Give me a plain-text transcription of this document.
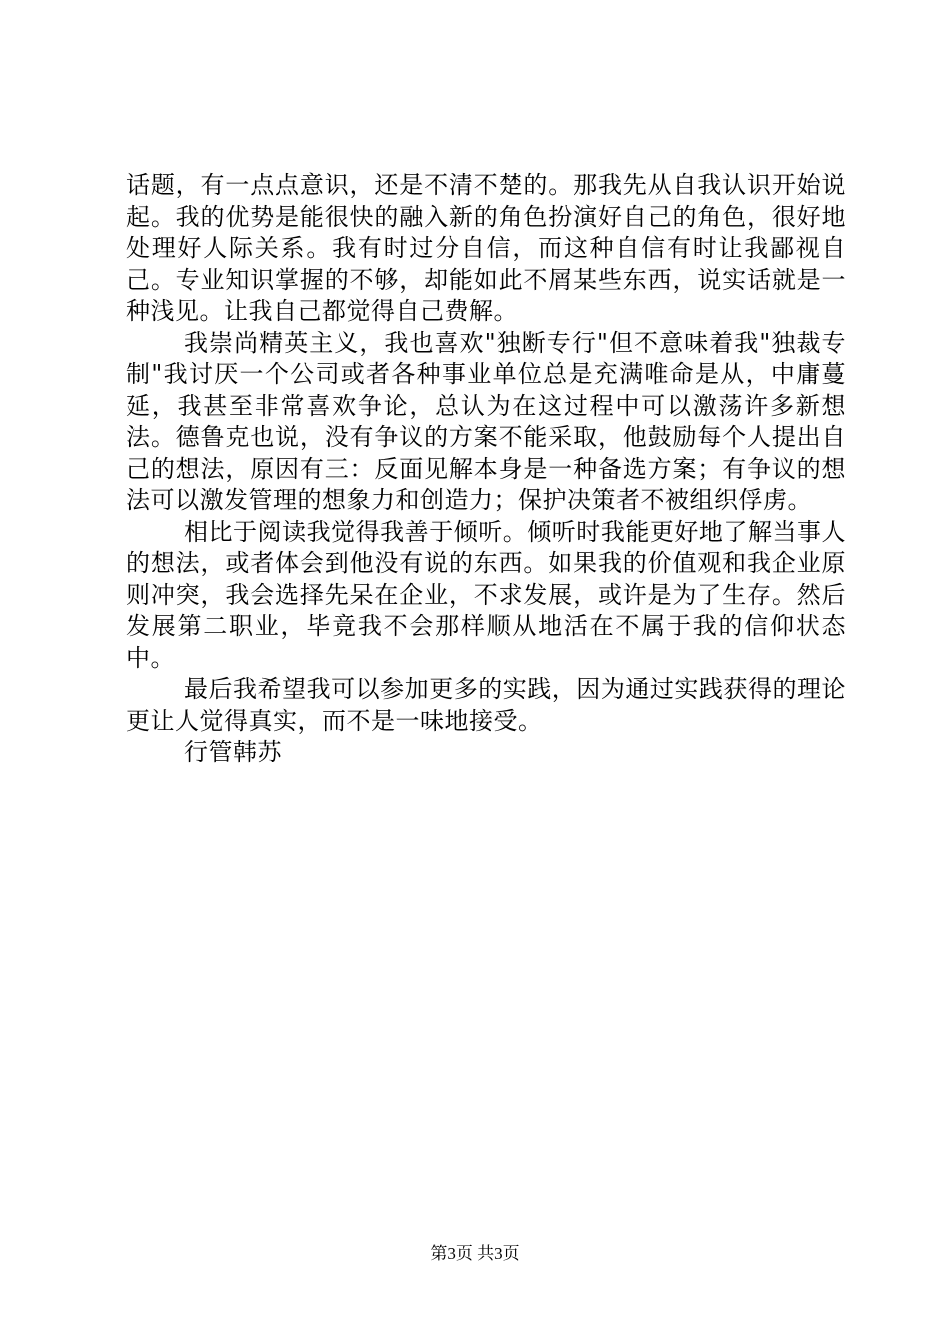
话题，有一点点意识，还是不清不楚的。那我先从自我认识开始说起。我的优势是能很快的融入新的角色扮演好自己的角色，很好地处理好人际关系。我有时过分自信，而这种自信有时让我鄙视自己。专业知识掌握的不够，却能如此不屑某些东西，说实话就是一种浅见。让我自己都觉得自己费解。

我崇尚精英主义，我也喜欢"独断专行"但不意味着我"独裁专制"我讨厌一个公司或者各种事业单位总是充满唯命是从，中庸蔓延，我甚至非常喜欢争论，总认为在这过程中可以激荡许多新想法。德鲁克也说，没有争议的方案不能采取，他鼓励每个人提出自己的想法，原因有三：反面见解本身是一种备选方案；有争议的想法可以激发管理的想象力和创造力；保护决策者不被组织俘虏。

相比于阅读我觉得我善于倾听。倾听时我能更好地了解当事人的想法，或者体会到他没有说的东西。如果我的价值观和我企业原则冲突，我会选择先呆在企业，不求发展，或许是为了生存。然后发展第二职业，毕竟我不会那样顺从地活在不属于我的信仰状态中。

最后我希望我可以参加更多的实践，因为通过实践获得的理论更让人觉得真实，而不是一味地接受。

行管韩苏

第3页 共3页
